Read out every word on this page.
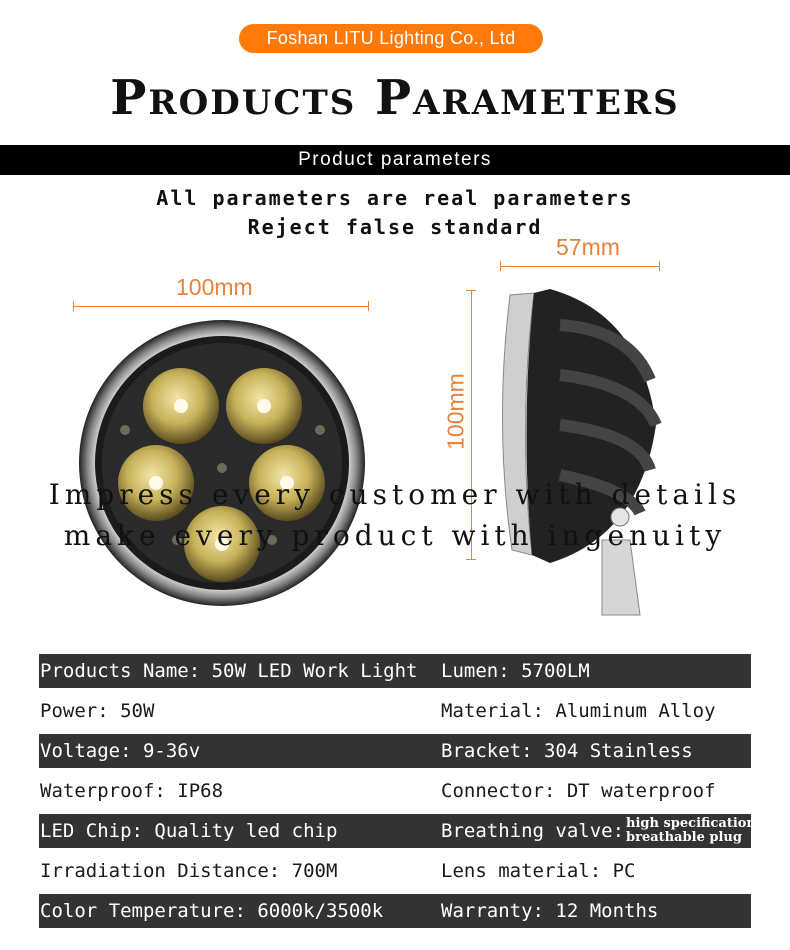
Foshan LITU Lighting Co., Ltd
Products Parameters
Product parameters
All parameters are real parameters
Reject false standard
100mm
57mm
100mm
Impress every customer with details
make every product with ingenuity
Products Name: 50W LED Work Light Lumen: 5700LM
Power: 50W	Material: Aluminum Alloy
Voltage: 9-36v	Bracket: 304 Stainless
Waterproof: IP68	Connector: DT waterproof
LED Chip: Quality led chip	Breathing valve: high specification
breathable plug
Irradiation Distance: 700M	Lens material: PC
Color Temperature: 6000k/3500k	Warranty: 12 Months
